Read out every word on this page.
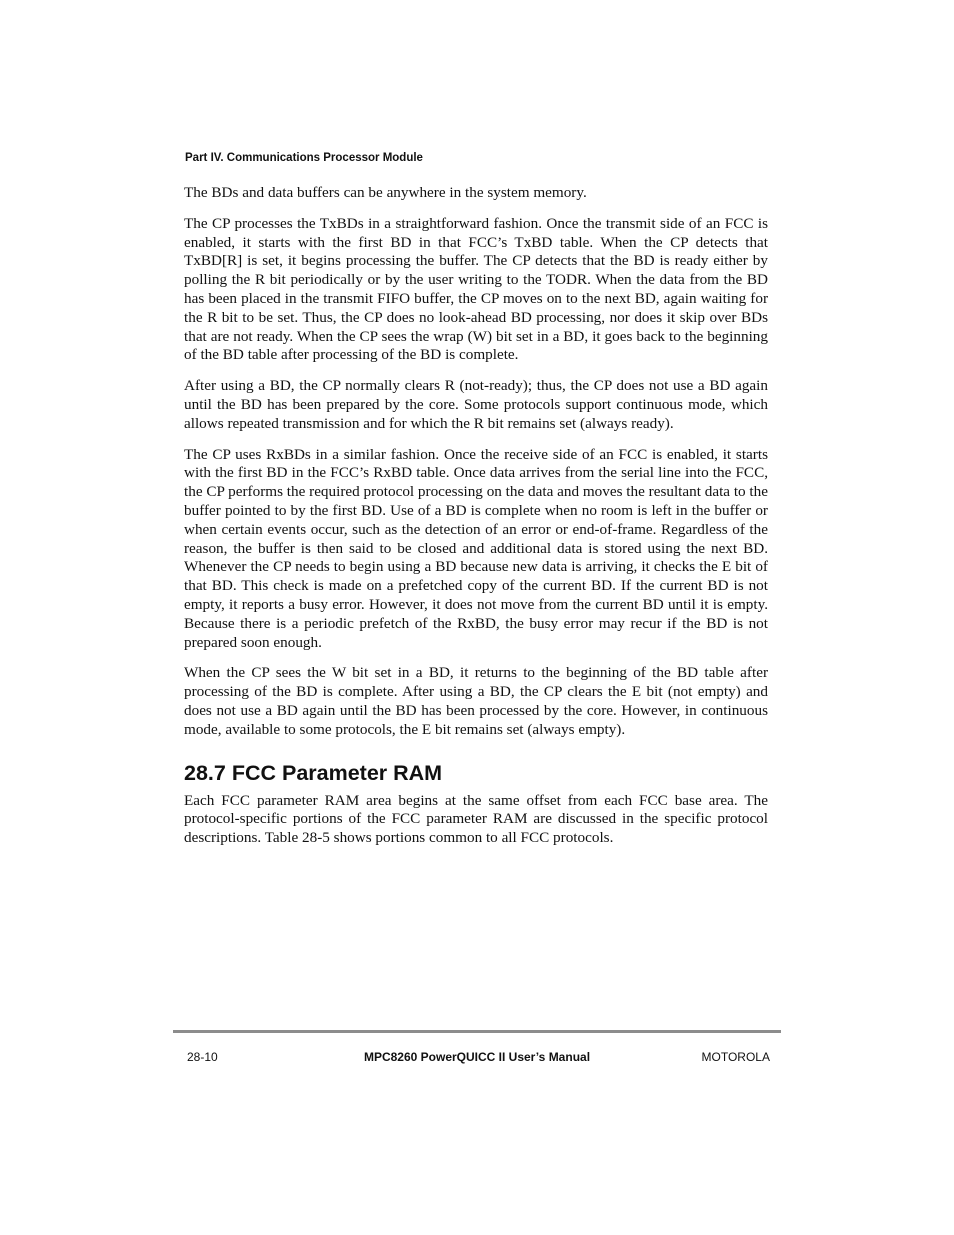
Part IV. Communications Processor Module

The BDs and data buffers can be anywhere in the system memory.

The CP processes the TxBDs in a straightforward fashion. Once the transmit side of an FCC is enabled, it starts with the first BD in that FCC’s TxBD table. When the CP detects that TxBD[R] is set, it begins processing the buffer. The CP detects that the BD is ready either by polling the R bit periodically or by the user writing to the TODR. When the data from the BD has been placed in the transmit FIFO buffer, the CP moves on to the next BD, again waiting for the R bit to be set. Thus, the CP does no look-ahead BD processing, nor does it skip over BDs that are not ready. When the CP sees the wrap (W) bit set in a BD, it goes back to the beginning of the BD table after processing of the BD is complete.

After using a BD, the CP normally clears R (not-ready); thus, the CP does not use a BD again until the BD has been prepared by the core. Some protocols support continuous mode, which allows repeated transmission and for which the R bit remains set (always ready).

The CP uses RxBDs in a similar fashion. Once the receive side of an FCC is enabled, it starts with the first BD in the FCC’s RxBD table. Once data arrives from the serial line into the FCC, the CP performs the required protocol processing on the data and moves the resultant data to the buffer pointed to by the first BD. Use of a BD is complete when no room is left in the buffer or when certain events occur, such as the detection of an error or end-of-frame. Regardless of the reason, the buffer is then said to be closed and additional data is stored using the next BD. Whenever the CP needs to begin using a BD because new data is arriving, it checks the E bit of that BD. This check is made on a prefetched copy of the current BD. If the current BD is not empty, it reports a busy error. However, it does not move from the current BD until it is empty. Because there is a periodic prefetch of the RxBD, the busy error may recur if the BD is not prepared soon enough.

When the CP sees the W bit set in a BD, it returns to the beginning of the BD table after processing of the BD is complete. After using a BD, the CP clears the E bit (not empty) and does not use a BD again until the BD has been processed by the core. However, in continuous mode, available to some protocols, the E bit remains set (always empty).

28.7 FCC Parameter RAM

Each FCC parameter RAM area begins at the same offset from each FCC base area. The protocol-specific portions of the FCC parameter RAM are discussed in the specific protocol descriptions. Table 28-5 shows portions common to all FCC protocols.

28-10	MPC8260 PowerQUICC II User’s Manual	MOTOROLA
